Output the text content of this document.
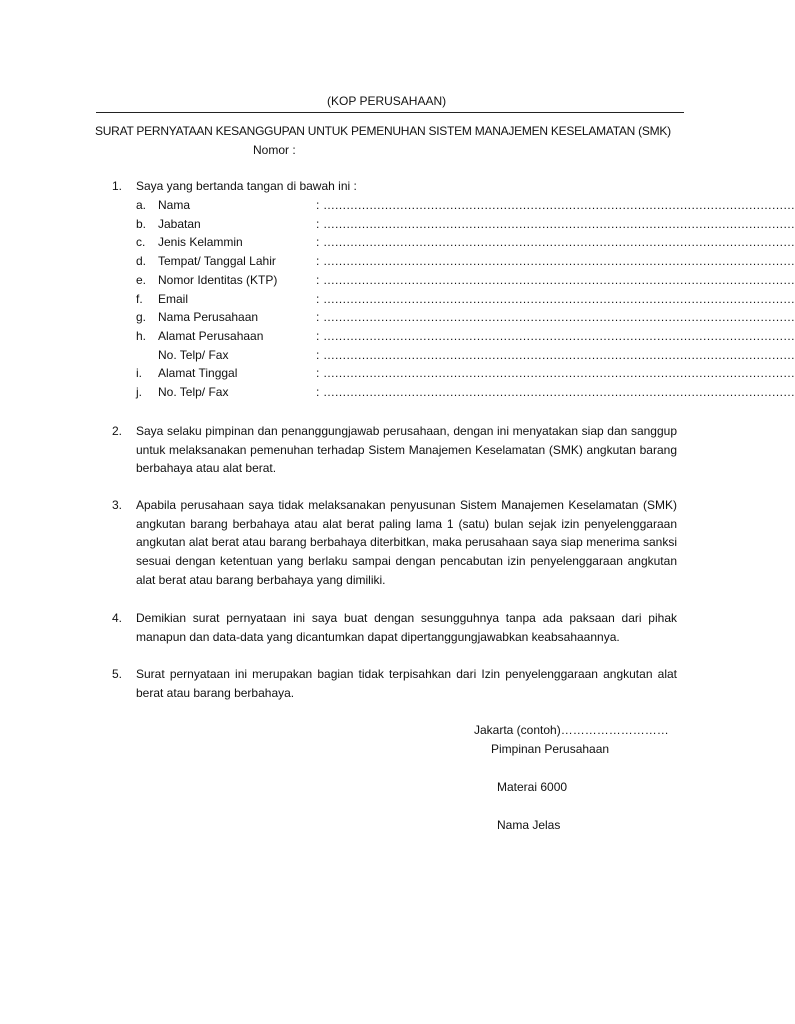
(KOP PERUSAHAAN)
SURAT PERNYATAAN KESANGGUPAN UNTUK PEMENUHAN SISTEM MANAJEMEN KESELAMATAN (SMK)
Nomor :
1. Saya yang bertanda tangan di bawah ini :
a. Nama	: ……………………………………………………………………………………………………………
b. Jabatan	: ……………………………………………………………………………………………………………
c. Jenis Kelammin	: ……………………………………………………………………………………………………………
d. Tempat/ Tanggal Lahir	: ……………………………………………………………………………………………………………
e. Nomor Identitas (KTP)	: ……………………………………………………………………………………………………………
f. Email	: ……………………………………………………………………………………………………………
g. Nama Perusahaan	: ……………………………………………………………………………………………………………
h. Alamat Perusahaan	: ……………………………………………………………………………………………………………
No. Telp/ Fax	: ……………………………………………………………………………………………………………
i. Alamat Tinggal	: ……………………………………………………………………………………………………………
j. No. Telp/ Fax	: ……………………………………………………………………………………………………………
2. Saya selaku pimpinan dan penanggungjawab perusahaan, dengan ini menyatakan siap dan sanggup untuk melaksanakan pemenuhan terhadap Sistem Manajemen Keselamatan (SMK) angkutan barang berbahaya atau alat berat.
3. Apabila perusahaan saya tidak melaksanakan penyusunan Sistem Manajemen Keselamatan (SMK) angkutan barang berbahaya atau alat berat paling lama 1 (satu) bulan sejak izin penyelenggaraan angkutan alat berat atau barang berbahaya diterbitkan, maka perusahaan saya siap menerima sanksi sesuai dengan ketentuan yang berlaku sampai dengan pencabutan izin penyelenggaraan angkutan alat berat atau barang berbahaya yang dimiliki.
4. Demikian surat pernyataan ini saya buat dengan sesungguhnya tanpa ada paksaan dari pihak manapun dan data-data yang dicantumkan dapat dipertanggungjawabkan keabsahaannya.
5. Surat pernyataan ini merupakan bagian tidak terpisahkan dari Izin penyelenggaraan angkutan alat berat atau barang berbahaya.
Jakarta (contoh)………………………
Pimpinan Perusahaan
Materai 6000
Nama Jelas
